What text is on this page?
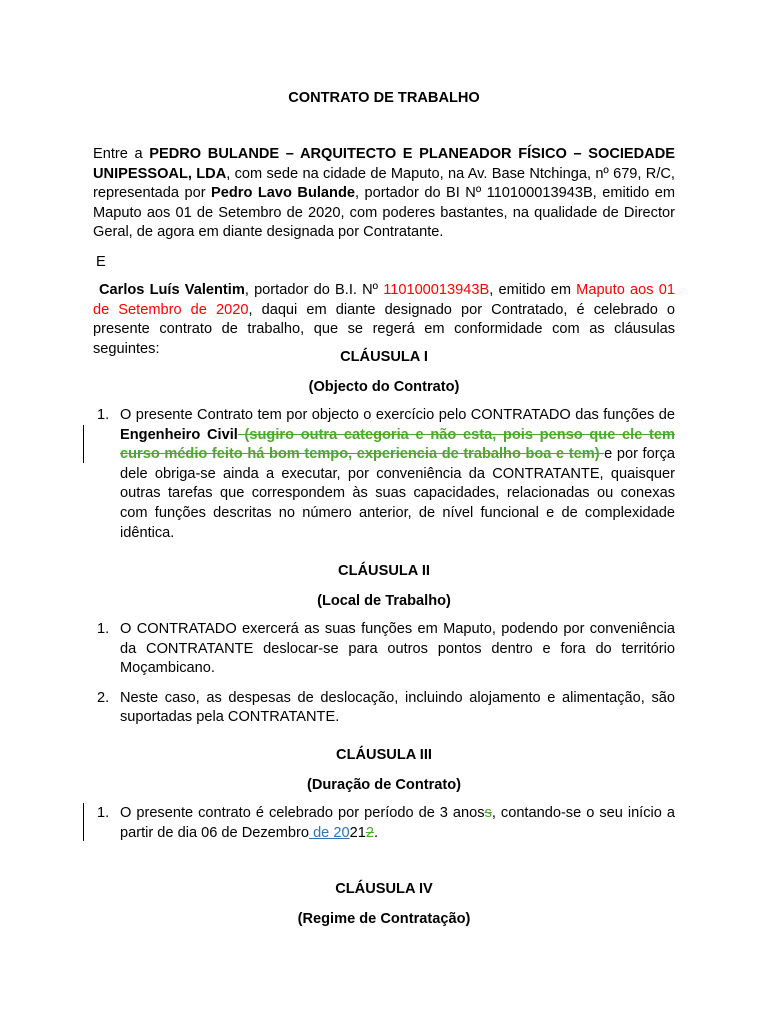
CONTRATO DE TRABALHO
Entre a PEDRO BULANDE – ARQUITECTO E PLANEADOR FÍSICO – SOCIEDADE UNIPESSOAL, LDA, com sede na cidade de Maputo, na Av. Base Ntchinga, nº 679, R/C, representada por Pedro Lavo Bulande, portador do BI Nº 110100013943B, emitido em Maputo aos 01 de Setembro de 2020, com poderes bastantes, na qualidade de Director Geral, de agora em diante designada por Contratante.
E
Carlos Luís Valentim, portador do B.I. Nº 110100013943B, emitido em Maputo aos 01 de Setembro de 2020, daqui em diante designado por Contratado, é celebrado o presente contrato de trabalho, que se regerá em conformidade com as cláusulas seguintes:
CLÁUSULA I
(Objecto do Contrato)
1. O presente Contrato tem por objecto o exercício pelo CONTRATADO das funções de Engenheiro Civil (sugiro outra categoria e não esta, pois penso que ele tem curso médio feito há bom tempo, experiencia de trabalho boa e tem) e por força dele obriga-se ainda a executar, por conveniência da CONTRATANTE, quaisquer outras tarefas que correspondem às suas capacidades, relacionadas ou conexas com funções descritas no número anterior, de nível funcional e de complexidade idêntica.
CLÁUSULA II
(Local de Trabalho)
1. O CONTRATADO exercerá as suas funções em Maputo, podendo por conveniência da CONTRATANTE deslocar-se para outros pontos dentro e fora do território Moçambicano.
2. Neste caso, as despesas de deslocação, incluindo alojamento e alimentação, são suportadas pela CONTRATANTE.
CLÁUSULA III
(Duração de Contrato)
1. O presente contrato é celebrado por período de 3 anoss, contando-se o seu início a partir de dia 06 de Dezembro de 20212.
CLÁUSULA IV
(Regime de Contratação)
